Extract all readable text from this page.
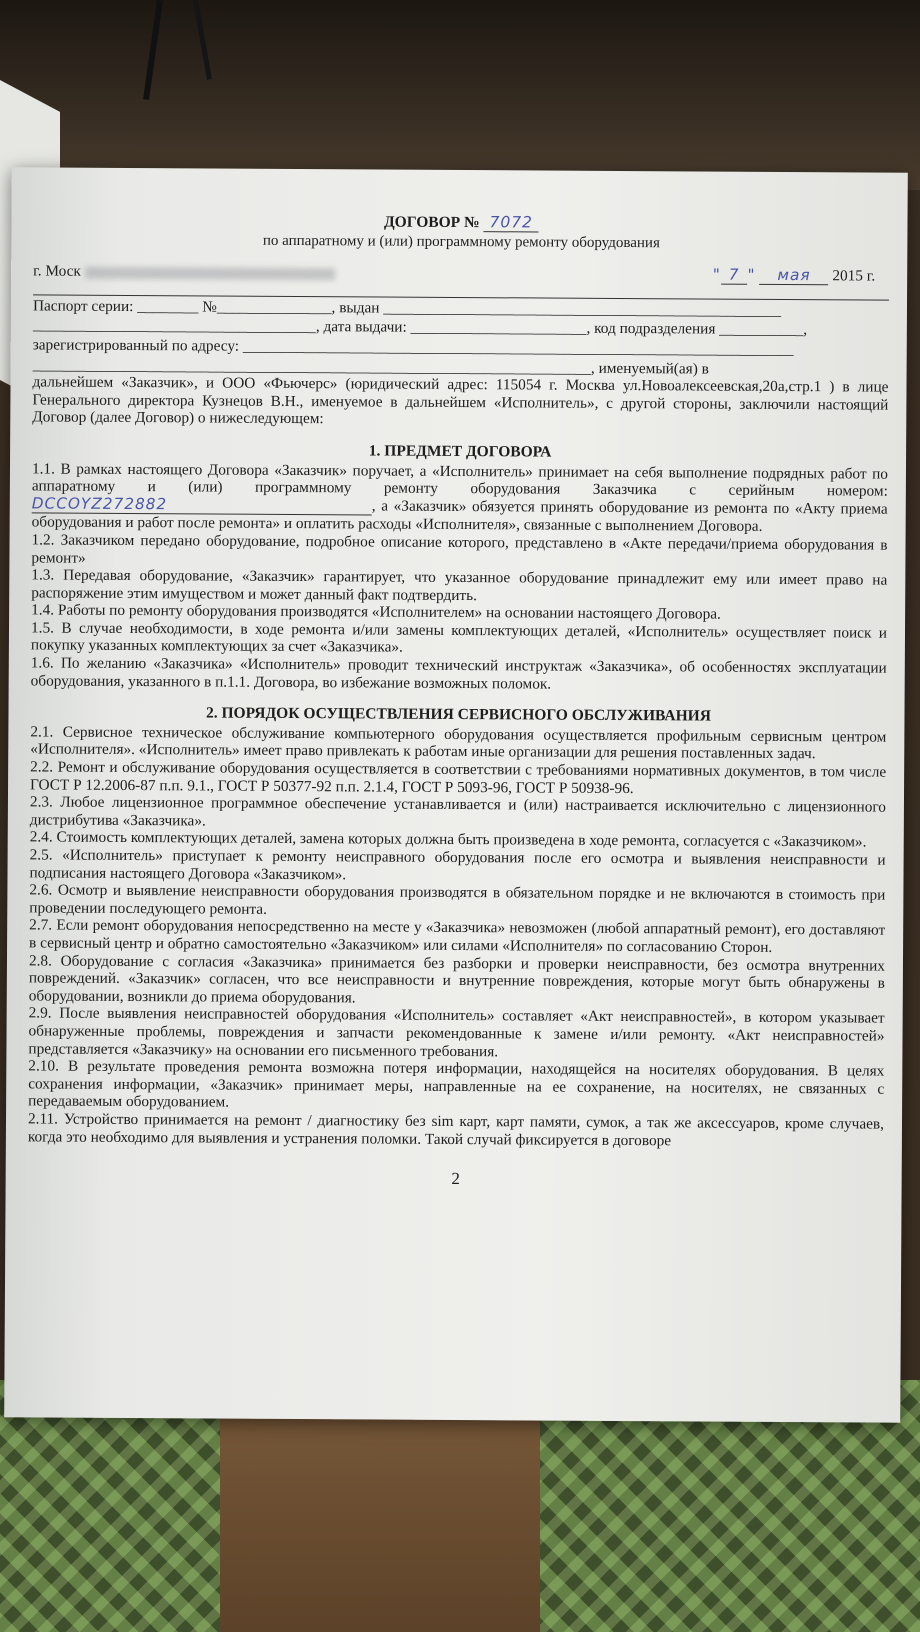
ДОГОВОР № 7072
по аппаратному и (или) программному ремонту оборудования
г. Моск	" 7 " мая 2015 г.
Паспорт серии: ________ №_______________, выдан ____________________________________________________
_____________________________________, дата выдачи: _______________________, код подразделения ___________,
зарегистрированный по адресу: ________________________________________________________________________
_________________________________________________________________________, именуемый(ая) в
дальнейшем «Заказчик», и ООО «Фьючерс» (юридический адрес: 115054 г. Москва ул.Новоалексеевская,20а,стр.1 ) в лице Генерального директора Кузнецов В.Н., именуемое в дальнейшем «Исполнитель», с другой стороны, заключили настоящий Договор (далее Договор) о нижеследующем:
1. ПРЕДМЕТ ДОГОВОРА
1.1. В рамках настоящего Договора «Заказчик» поручает, а «Исполнитель» принимает на себя выполнение подрядных работ по аппаратному и (или) программному ремонту оборудования Заказчика с серийным номером: DCCOYZ272882	, а «Заказчик» обязуется принять оборудование из ремонта по «Акту приема оборудования и работ после ремонта» и оплатить расходы «Исполнителя», связанные с выполнением Договора.
1.2. Заказчиком передано оборудование, подробное описание которого, представлено в «Акте передачи/приема оборудования в ремонт»
1.3. Передавая оборудование, «Заказчик» гарантирует, что указанное оборудование принадлежит ему или имеет право на распоряжение этим имуществом и может данный факт подтвердить.
1.4. Работы по ремонту оборудования производятся «Исполнителем» на основании настоящего Договора.
1.5. В случае необходимости, в ходе ремонта и/или замены комплектующих деталей, «Исполнитель» осуществляет поиск и покупку указанных комплектующих за счет «Заказчика».
1.6. По желанию «Заказчика» «Исполнитель» проводит технический инструктаж «Заказчика», об особенностях эксплуатации оборудования, указанного в п.1.1. Договора, во избежание возможных поломок.
2. ПОРЯДОК ОСУЩЕСТВЛЕНИЯ СЕРВИСНОГО ОБСЛУЖИВАНИЯ
2.1. Сервисное техническое обслуживание компьютерного оборудования осуществляется профильным сервисным центром «Исполнителя». «Исполнитель» имеет право привлекать к работам иные организации для решения поставленных задач.
2.2. Ремонт и обслуживание оборудования осуществляется в соответствии с требованиями нормативных документов, в том числе ГОСТ Р 12.2006-87 п.п. 9.1., ГОСТ Р 50377-92 п.п. 2.1.4, ГОСТ Р 5093-96, ГОСТ Р 50938-96.
2.3. Любое лицензионное программное обеспечение устанавливается и (или) настраивается исключительно с лицензионного дистрибутива «Заказчика».
2.4. Стоимость комплектующих деталей, замена которых должна быть произведена в ходе ремонта, согласуется с «Заказчиком».
2.5. «Исполнитель» приступает к ремонту неисправного оборудования после его осмотра и выявления неисправности и подписания настоящего Договора «Заказчиком».
2.6. Осмотр и выявление неисправности оборудования производятся в обязательном порядке и не включаются в стоимость при проведении последующего ремонта.
2.7. Если ремонт оборудования непосредственно на месте у «Заказчика» невозможен (любой аппаратный ремонт), его доставляют в сервисный центр и обратно самостоятельно «Заказчиком» или силами «Исполнителя» по согласованию Сторон.
2.8. Оборудование с согласия «Заказчика» принимается без разборки и проверки неисправности, без осмотра внутренних повреждений. «Заказчик» согласен, что все неисправности и внутренние повреждения, которые могут быть обнаружены в оборудовании, возникли до приема оборудования.
2.9. После выявления неисправностей оборудования «Исполнитель» составляет «Акт неисправностей», в котором указывает обнаруженные проблемы, повреждения и запчасти рекомендованные к замене и/или ремонту. «Акт неисправностей» представляется «Заказчику» на основании его письменного требования.
2.10. В результате проведения ремонта возможна потеря информации, находящейся на носителях оборудования. В целях сохранения информации, «Заказчик» принимает меры, направленные на ее сохранение, на носителях, не связанных с передаваемым оборудованием.
2.11. Устройство принимается на ремонт / диагностику без sim карт, карт памяти, сумок, а так же аксессуаров, кроме случаев, когда это необходимо для выявления и устранения поломки. Такой случай фиксируется в договоре
2
